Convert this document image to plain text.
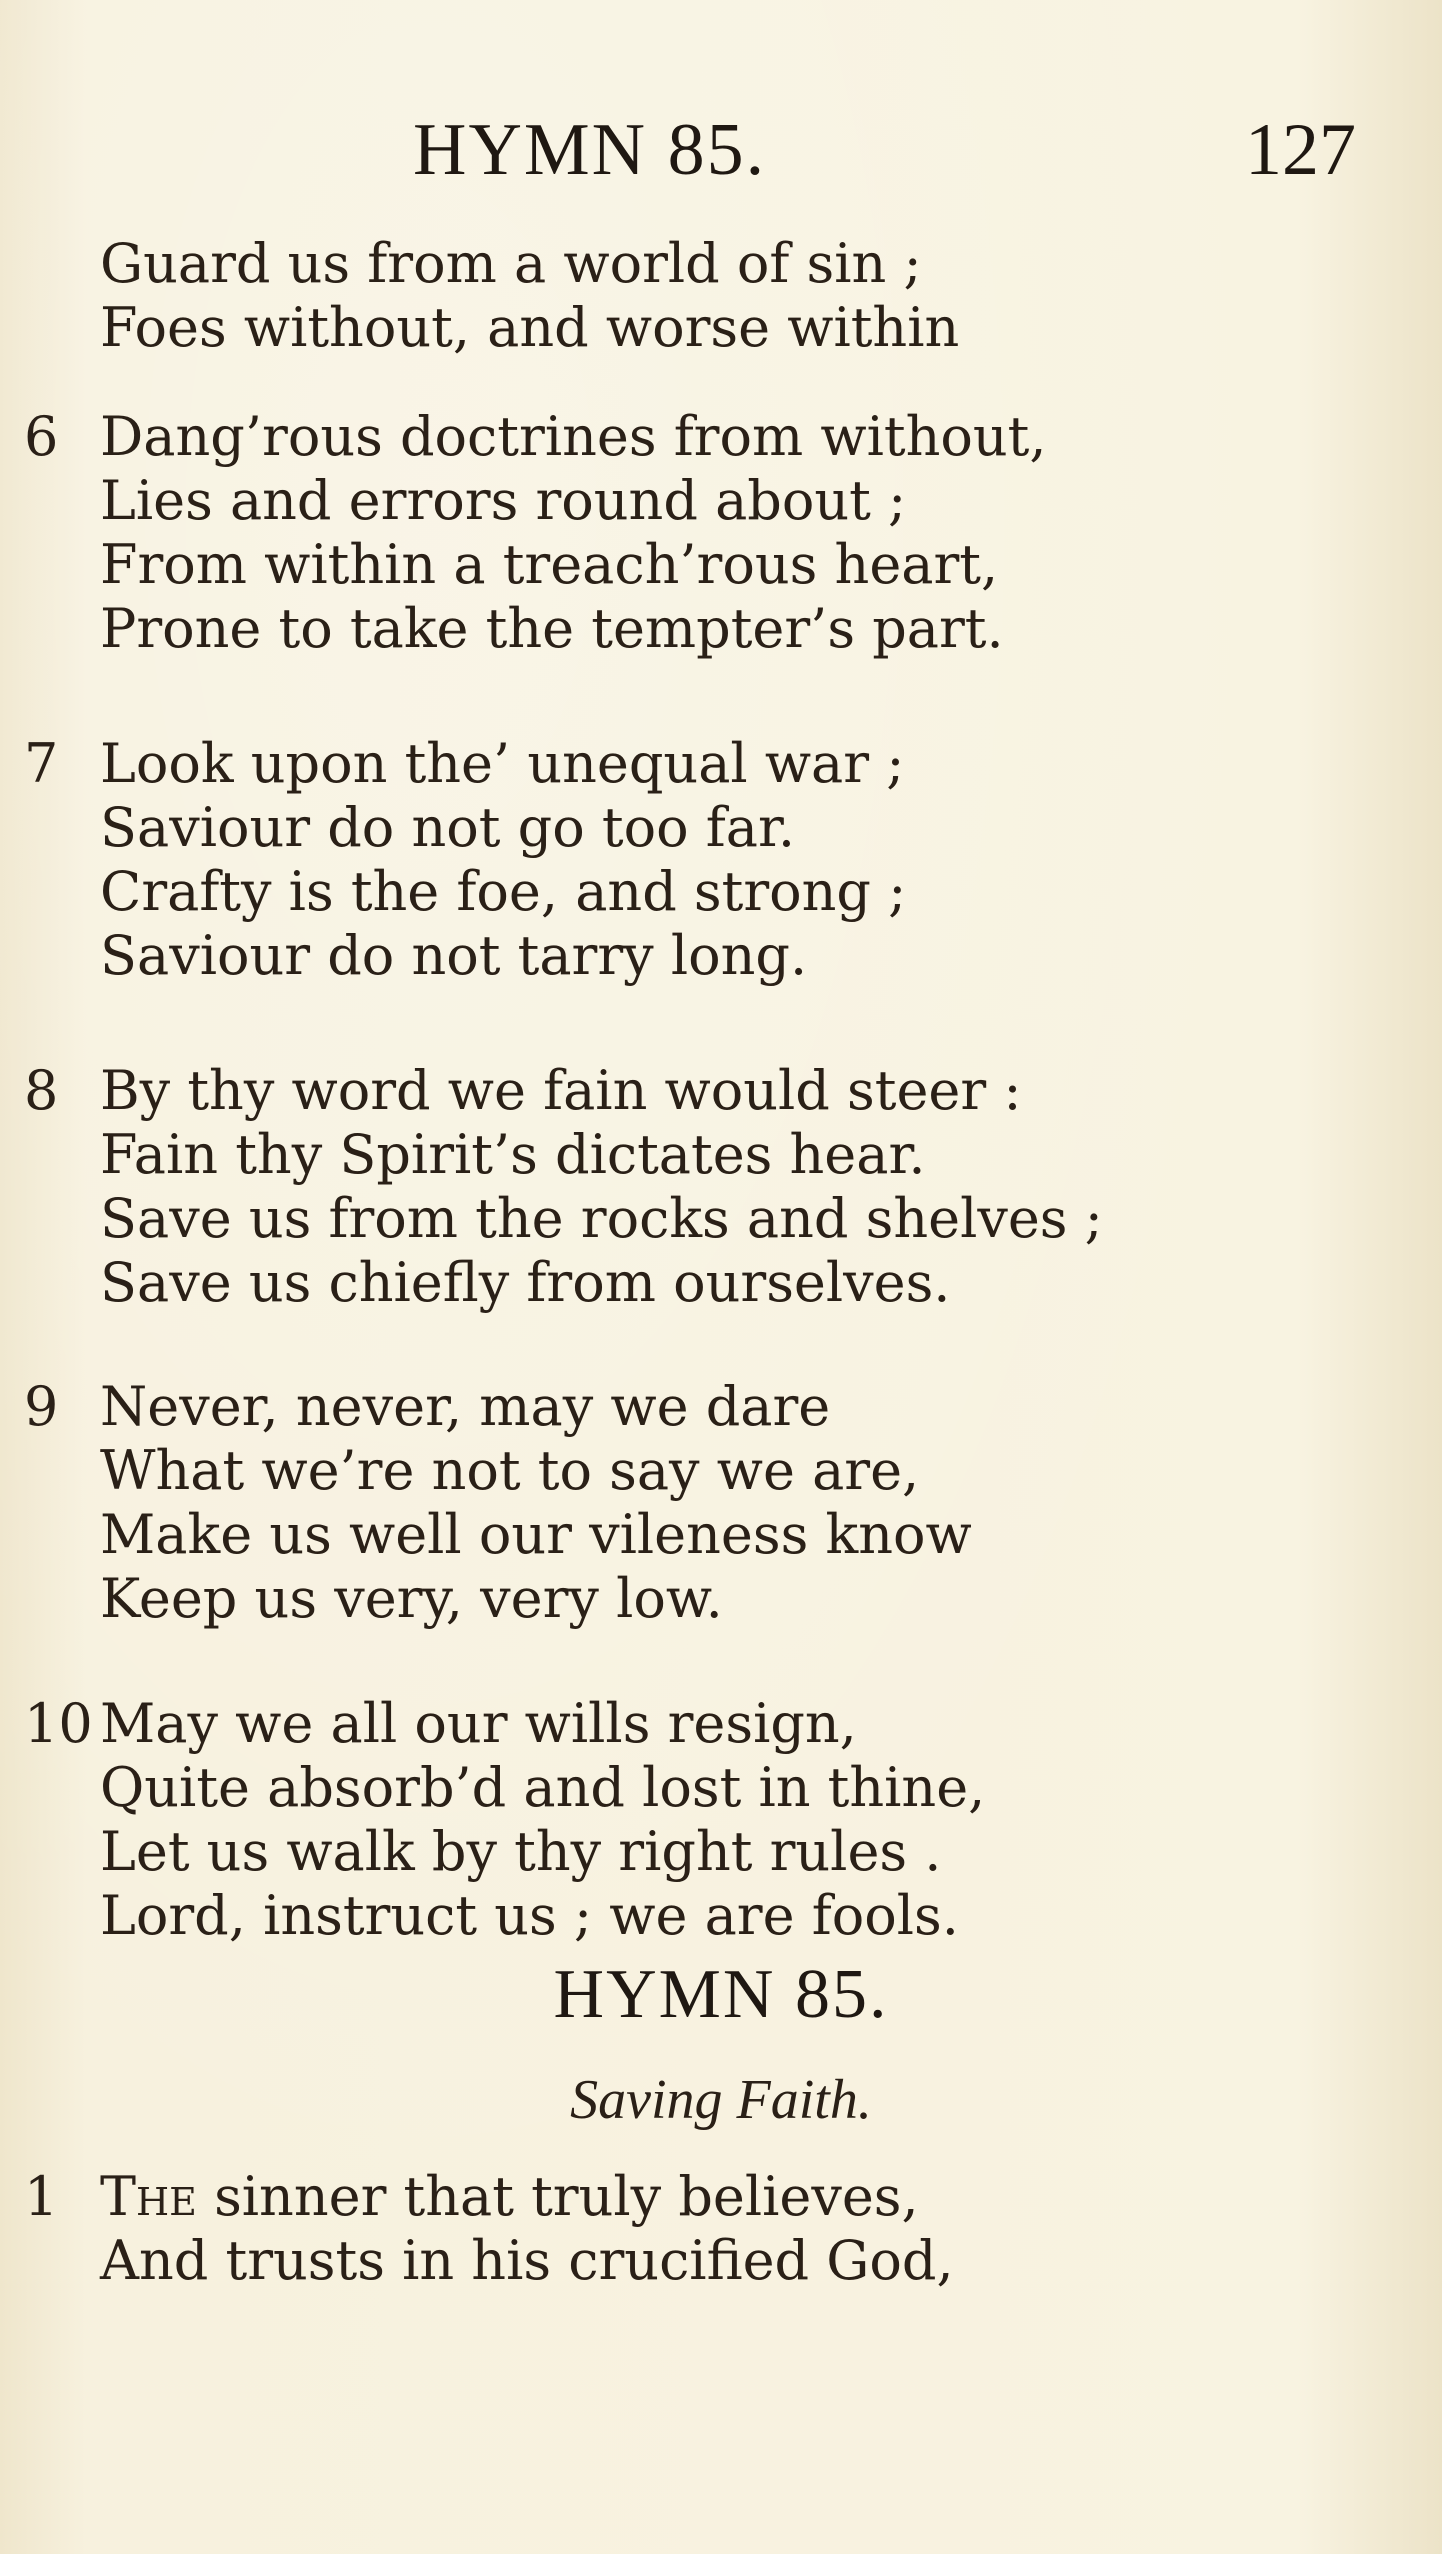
HYMN 85.	127
Guard us from a world of sin ;
Foes without, and worse within
6 Dang’rous doctrines from without,
Lies and errors round about ;
From within a treach’rous heart,
Prone to take the tempter’s part.
7 Look upon the’ unequal war ;
Saviour do not go too far.
Crafty is the foe, and strong ;
Saviour do not tarry long.
8 By thy word we fain would steer :
Fain thy Spirit’s dictates hear.
Save us from the rocks and shelves ;
Save us chiefly from ourselves.
9 Never, never, may we dare
What we’re not to say we are,
Make us well our vileness know
Keep us very, very low.
10 May we all our wills resign,
Quite absorb’d and lost in thine,
Let us walk by thy right rules .
Lord, instruct us ; we are fools.
HYMN 85.
Saving Faith.
1 The sinner that truly believes,
And trusts in his crucified God,
